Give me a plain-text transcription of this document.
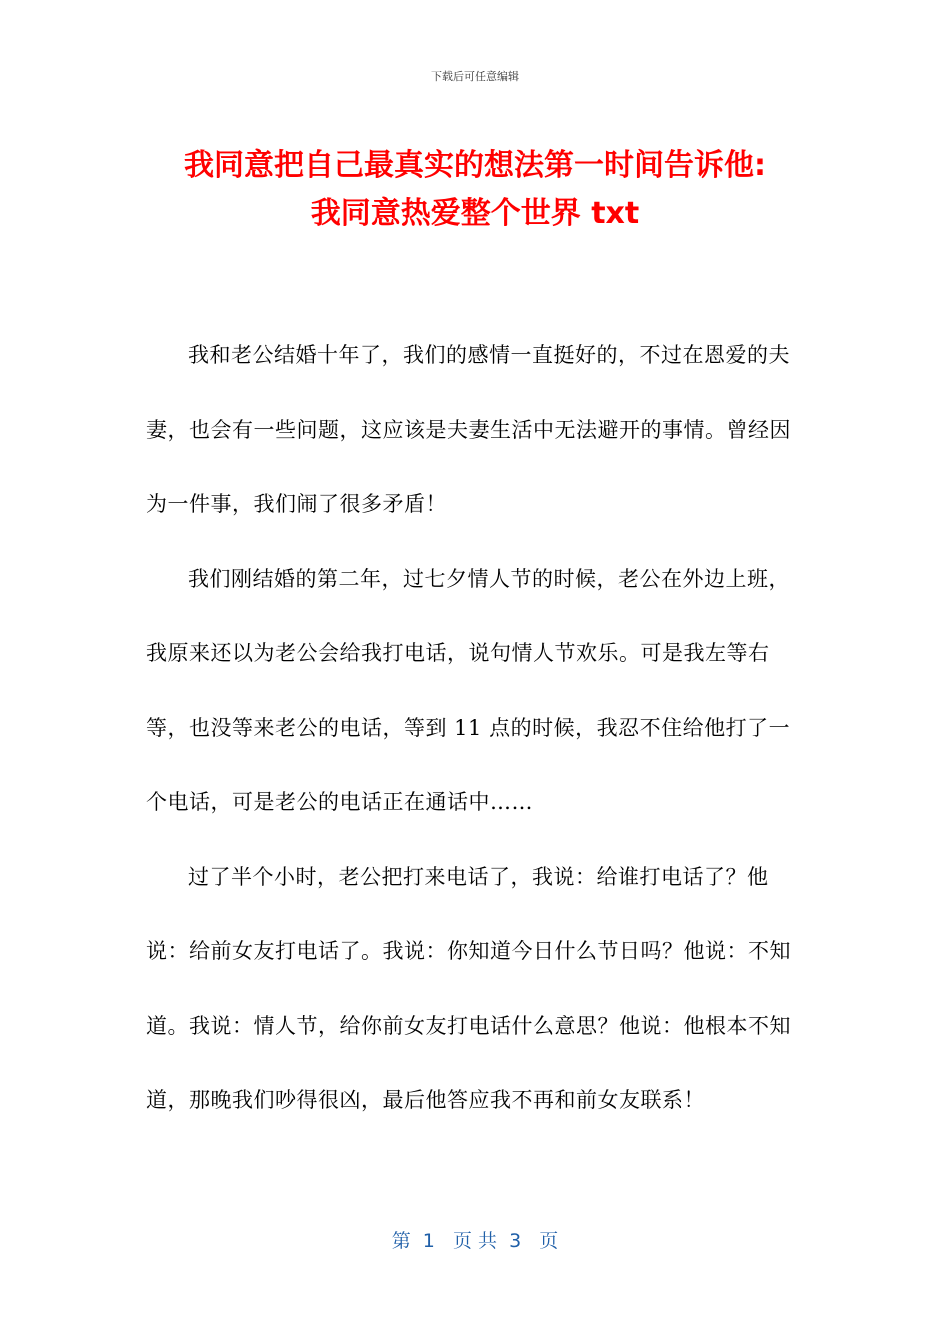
下载后可任意编辑
我同意把自己最真实的想法第一时间告诉他:
我同意热爱整个世界 txt

我和老公结婚十年了，我们的感情一直挺好的，不过在恩爱的夫妻，也会有一些问题，这应该是夫妻生活中无法避开的事情。曾经因为一件事，我们闹了很多矛盾！

我们刚结婚的第二年，过七夕情人节的时候，老公在外边上班，我原来还以为老公会给我打电话，说句情人节欢乐。可是我左等右等，也没等来老公的电话，等到 11 点的时候，我忍不住给他打了一个电话，可是老公的电话正在通话中……

过了半个小时，老公把打来电话了，我说：给谁打电话了？他说：给前女友打电话了。我说：你知道今日什么节日吗？他说：不知道。我说：情人节，给你前女友打电话什么意思？他说：他根本不知道，那晚我们吵得很凶，最后他答应我不再和前女友联系！

第  1   页 共  3   页
